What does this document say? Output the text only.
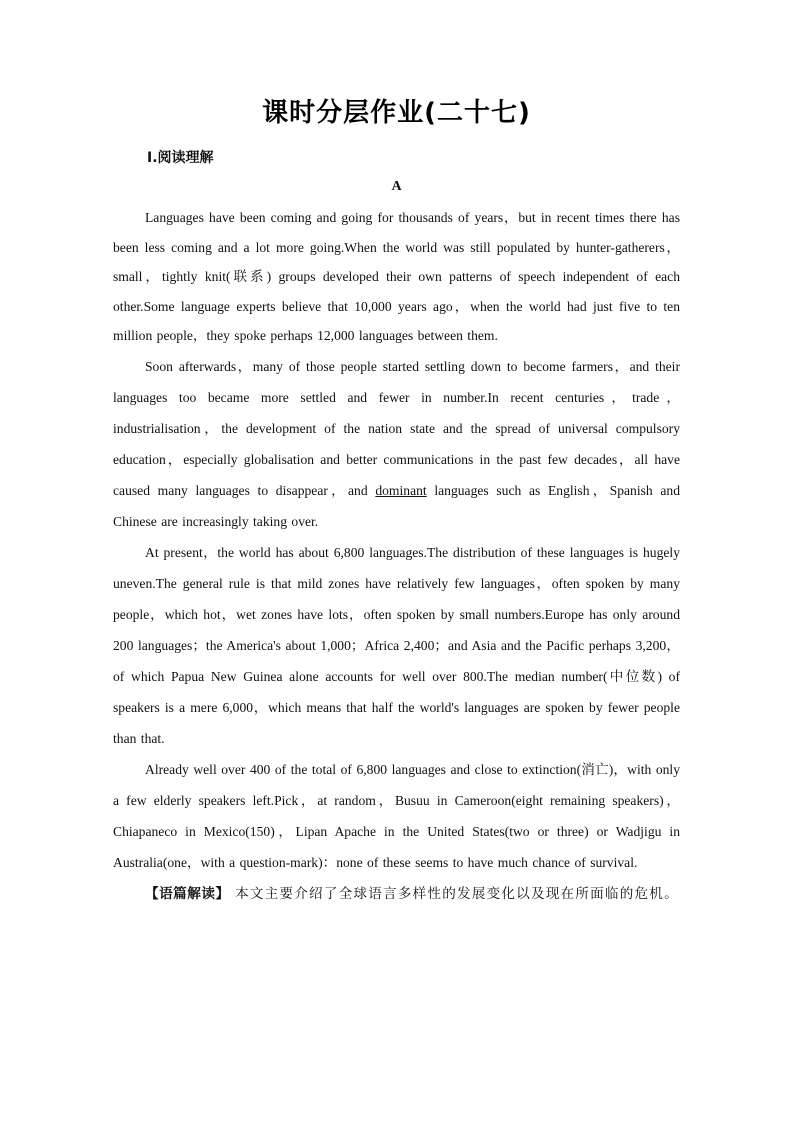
课时分层作业(二十七)
Ⅰ.阅读理解
A

Languages have been coming and going for thousands of years，but in recent times there has been less coming and a lot more going.When the world was still populated by hunter-gatherers，small，tightly knit(联系) groups developed their own patterns of speech independent of each other.Some language experts believe that 10,000 years ago，when the world had just five to ten million people，they spoke perhaps 12,000 languages between them.

Soon afterwards，many of those people started settling down to become farmers，and their languages too became more settled and fewer in number.In recent centuries，trade，industrialisation，the development of the nation state and the spread of universal compulsory education，especially globalisation and better communications in the past few decades，all have caused many languages to disappear，and dominant languages such as English，Spanish and Chinese are increasingly taking over.

At present，the world has about 6,800 languages.The distribution of these languages is hugely uneven.The general rule is that mild zones have relatively few languages，often spoken by many people，which hot，wet zones have lots，often spoken by small numbers.Europe has only around 200 languages；the America's about 1,000；Africa 2,400；and Asia and the Pacific perhaps 3,200，of which Papua New Guinea alone accounts for well over 800.The median number(中位数) of speakers is a mere 6,000，which means that half the world's languages are spoken by fewer people than that.

Already well over 400 of the total of 6,800 languages and close to extinction(消亡)，with only a few elderly speakers left.Pick，at random，Busuu in Cameroon(eight remaining speakers)，Chiapaneco in Mexico(150)，Lipan Apache in the United States(two or three) or Wadjigu in Australia(one，with a question-mark)：none of these seems to have much chance of survival.

【语篇解读】 本文主要介绍了全球语言多样性的发展变化以及现在所面临的危机。
